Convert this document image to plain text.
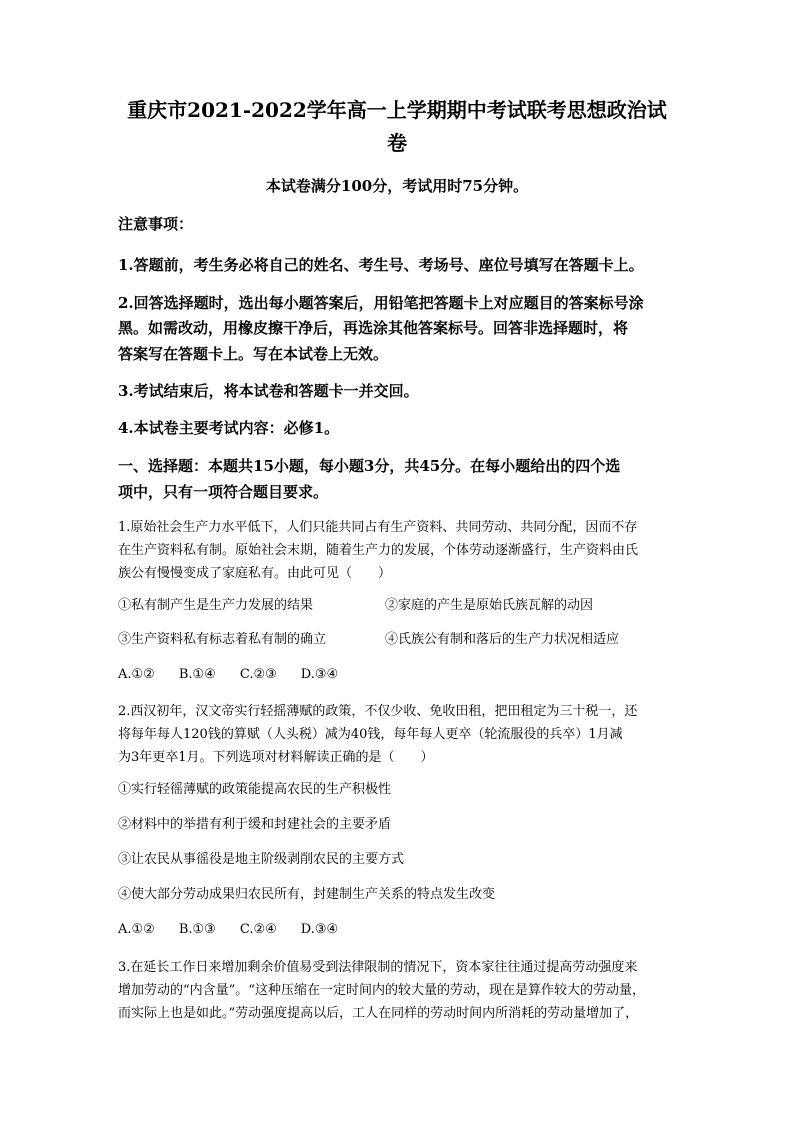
重庆市2021-2022学年高一上学期期中考试联考思想政治试
卷
本试卷满分100分，考试用时75分钟。
注意事项：
1.答题前，考生务必将自己的姓名、考生号、考场号、座位号填写在答题卡上。
2.回答选择题时，选出每小题答案后，用铅笔把答题卡上对应题目的答案标号涂
黑。如需改动，用橡皮擦干净后，再选涂其他答案标号。回答非选择题时，将
答案写在答题卡上。写在本试卷上无效。
3.考试结束后，将本试卷和答题卡一并交回。
4.本试卷主要考试内容：必修1。
一、选择题：本题共15小题，每小题3分，共45分。在每小题给出的四个选
项中，只有一项符合题目要求。
1.原始社会生产力水平低下，人们只能共同占有生产资料、共同劳动、共同分配，因而不存
在生产资料私有制。原始社会末期，随着生产力的发展，个体劳动逐渐盛行，生产资料由氏
族公有慢慢变成了家庭私有。由此可见（　　）
①私有制产生是生产力发展的结果	②家庭的产生是原始氏族瓦解的动因
③生产资料私有标志着私有制的确立	④氏族公有制和落后的生产力状况相适应
A.①② B.①④ C.②③ D.③④
2.西汉初年，汉文帝实行轻摇薄赋的政策，不仅少收、免收田租，把田租定为三十税一，还
将每年每人120钱的算赋（人头税）减为40钱，每年每人更卒（轮流服役的兵卒）1月减
为3年更卒1月。下列选项对材料解读正确的是（　　）
①实行轻徭薄赋的政策能提高农民的生产积极性
②材料中的举措有利于缓和封建社会的主要矛盾
③让农民从事徭役是地主阶级剥削农民的主要方式
④使大部分劳动成果归农民所有，封建制生产关系的特点发生改变
A.①② B.①③ C.②④ D.③④
3.在延长工作日来增加剩余价值易受到法律限制的情况下，资本家往往通过提高劳动强度来
增加劳动的“内含量”。“这种压缩在一定时间内的较大量的劳动，现在是算作较大的劳动量，
而实际上也是如此。”劳动强度提高以后，工人在同样的劳动时间内所消耗的劳动量增加了，
